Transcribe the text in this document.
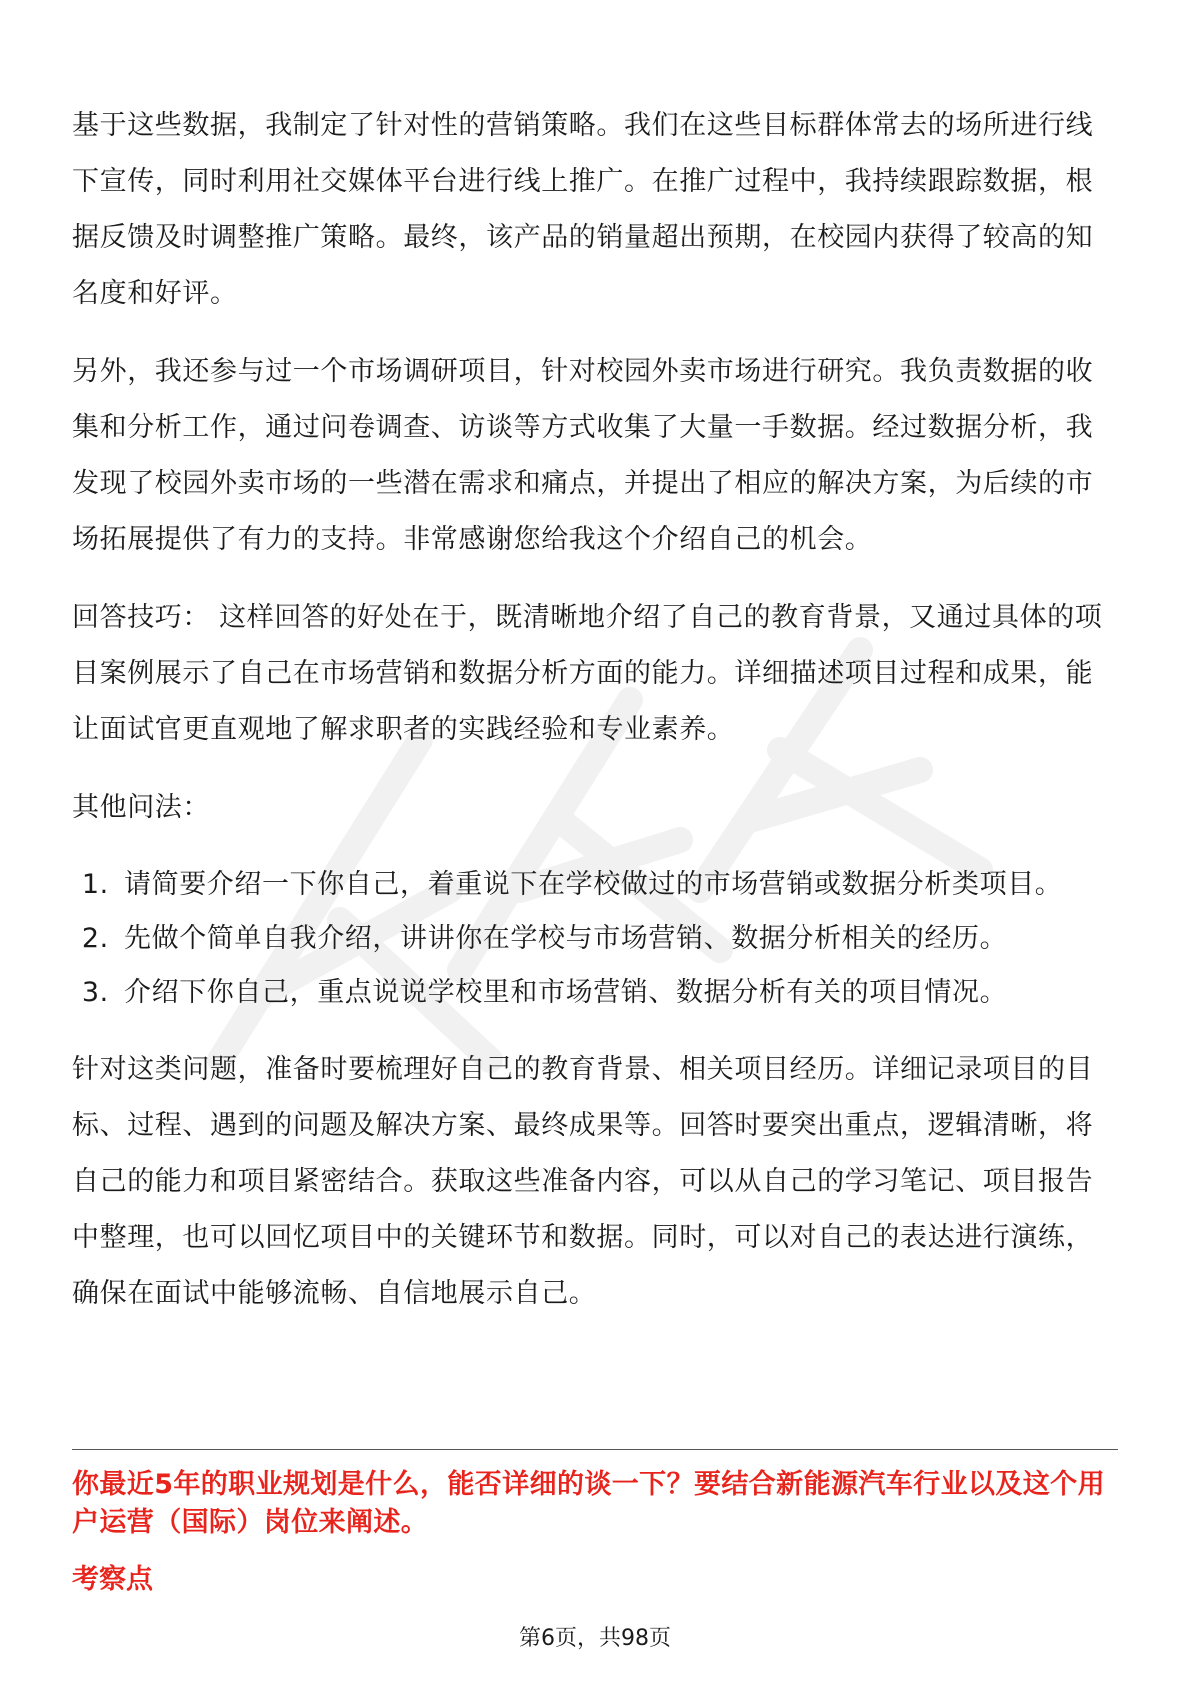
基于这些数据，我制定了针对性的营销策略。我们在这些目标群体常去的场所进行线下宣传，同时利用社交媒体平台进行线上推广。在推广过程中，我持续跟踪数据，根据反馈及时调整推广策略。最终，该产品的销量超出预期，在校园内获得了较高的知名度和好评。

另外，我还参与过一个市场调研项目，针对校园外卖市场进行研究。我负责数据的收集和分析工作，通过问卷调查、访谈等方式收集了大量一手数据。经过数据分析，我发现了校园外卖市场的一些潜在需求和痛点，并提出了相应的解决方案，为后续的市场拓展提供了有力的支持。非常感谢您给我这个介绍自己的机会。

回答技巧： 这样回答的好处在于，既清晰地介绍了自己的教育背景，又通过具体的项目案例展示了自己在市场营销和数据分析方面的能力。详细描述项目过程和成果，能让面试官更直观地了解求职者的实践经验和专业素养。

其他问法：

1. 请简要介绍一下你自己，着重说下在学校做过的市场营销或数据分析类项目。
2. 先做个简单自我介绍，讲讲你在学校与市场营销、数据分析相关的经历。
3. 介绍下你自己，重点说说学校里和市场营销、数据分析有关的项目情况。

针对这类问题，准备时要梳理好自己的教育背景、相关项目经历。详细记录项目的目标、过程、遇到的问题及解决方案、最终成果等。回答时要突出重点，逻辑清晰，将自己的能力和项目紧密结合。获取这些准备内容，可以从自己的学习笔记、项目报告中整理，也可以回忆项目中的关键环节和数据。同时，可以对自己的表达进行演练，确保在面试中能够流畅、自信地展示自己。

你最近5年的职业规划是什么，能否详细的谈一下？要结合新能源汽车行业以及这个用户运营（国际）岗位来阐述。

考察点

第6页，共98页
